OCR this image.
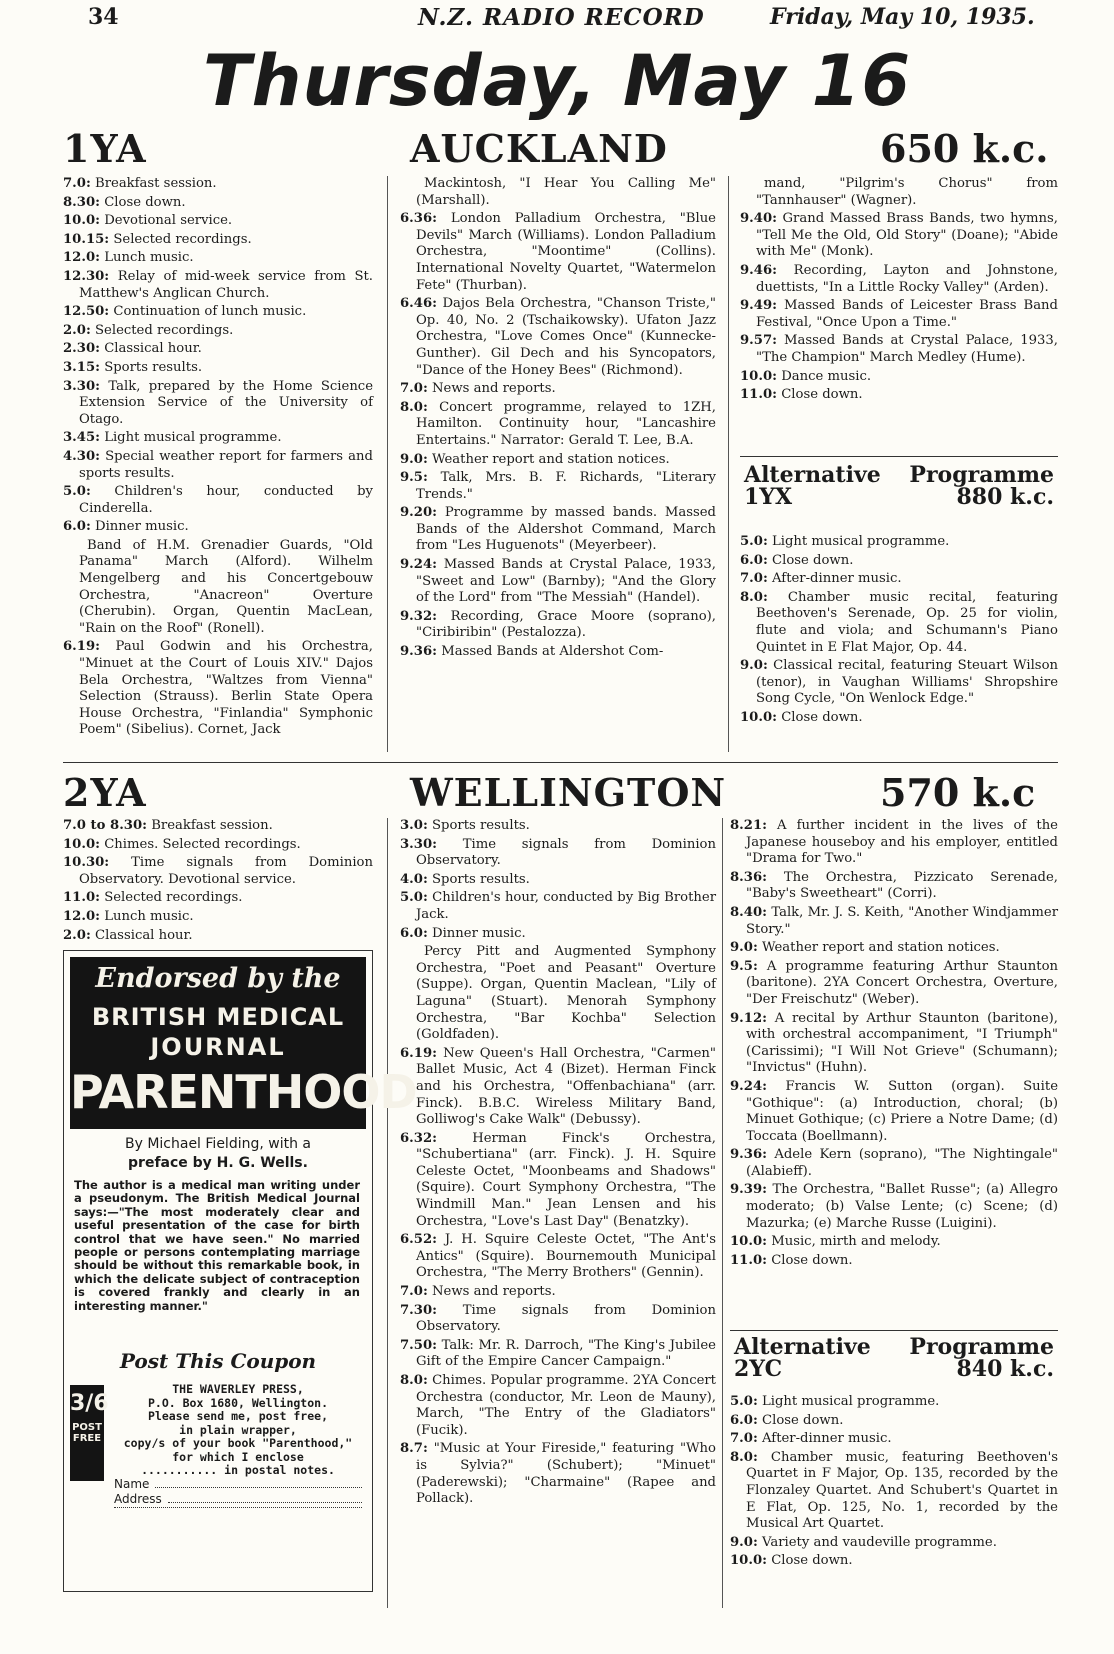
34	N.Z. RADIO RECORD	Friday, May 10, 1935.
Thursday, May 16
1YA	AUCKLAND	650 k.c.
7.0: Breakfast session.
8.30: Close down.
10.0: Devotional service.
10.15: Selected recordings.
12.0: Lunch music.
12.30: Relay of mid-week service from St. Matthew's Anglican Church.
12.50: Continuation of lunch music.
2.0: Selected recordings.
2.30: Classical hour.
3.15: Sports results.
3.30: Talk, prepared by the Home Science Extension Service of the University of Otago.
3.45: Light musical programme.
4.30: Special weather report for farmers and sports results.
5.0: Children's hour, conducted by Cinderella.
6.0: Dinner music.
Band of H.M. Grenadier Guards, "Old Panama" March (Alford). Wilhelm Mengelberg and his Concertgebouw Orchestra, "Anacreon" Overture (Cherubin). Organ, Quentin MacLean, "Rain on the Roof" (Ronell).
6.19: Paul Godwin and his Orchestra, "Minuet at the Court of Louis XIV." Dajos Bela Orchestra, "Waltzes from Vienna" Selection (Strauss). Berlin State Opera House Orchestra, "Finlandia" Symphonic Poem" (Sibelius). Cornet, Jack
Mackintosh, "I Hear You Calling Me" (Marshall).
6.36: London Palladium Orchestra, "Blue Devils" March (Williams). London Palladium Orchestra, "Moontime" (Collins). International Novelty Quartet, "Watermelon Fete" (Thurban).
6.46: Dajos Bela Orchestra, "Chanson Triste," Op. 40, No. 2 (Tschaikowsky). Ufaton Jazz Orchestra, "Love Comes Once" (Kunnecke-Gunther). Gil Dech and his Syncopators, "Dance of the Honey Bees" (Richmond).
7.0: News and reports.
8.0: Concert programme, relayed to 1ZH, Hamilton. Continuity hour, "Lancashire Entertains." Narrator: Gerald T. Lee, B.A.
9.0: Weather report and station notices.
9.5: Talk, Mrs. B. F. Richards, "Literary Trends."
9.20: Programme by massed bands. Massed Bands of the Aldershot Command, March from "Les Huguenots" (Meyerbeer).
9.24: Massed Bands at Crystal Palace, 1933, "Sweet and Low" (Barnby); "And the Glory of the Lord" from "The Messiah" (Handel).
9.32: Recording, Grace Moore (soprano), "Ciribiribin" (Pestalozza).
9.36: Massed Bands at Aldershot Com-
mand, "Pilgrim's Chorus" from "Tannhauser" (Wagner).
9.40: Grand Massed Brass Bands, two hymns, "Tell Me the Old, Old Story" (Doane); "Abide with Me" (Monk).
9.46: Recording, Layton and Johnstone, duettists, "In a Little Rocky Valley" (Arden).
9.49: Massed Bands of Leicester Brass Band Festival, "Once Upon a Time."
9.57: Massed Bands at Crystal Palace, 1933, "The Champion" March Medley (Hume).
10.0: Dance music.
11.0: Close down.
Alternative Programme
1YX	880 k.c.
5.0: Light musical programme.
6.0: Close down.
7.0: After-dinner music.
8.0: Chamber music recital, featuring Beethoven's Serenade, Op. 25 for violin, flute and viola; and Schumann's Piano Quintet in E Flat Major, Op. 44.
9.0: Classical recital, featuring Steuart Wilson (tenor), in Vaughan Williams' Shropshire Song Cycle, "On Wenlock Edge."
10.0: Close down.
2YA	WELLINGTON	570 k.c
7.0 to 8.30: Breakfast session.
10.0: Chimes. Selected recordings.
10.30: Time signals from Dominion Observatory. Devotional service.
11.0: Selected recordings.
12.0: Lunch music.
2.0: Classical hour.
3.0: Sports results.
3.30: Time signals from Dominion Observatory.
4.0: Sports results.
5.0: Children's hour, conducted by Big Brother Jack.
6.0: Dinner music.
Percy Pitt and Augmented Symphony Orchestra, "Poet and Peasant" Overture (Suppe). Organ, Quentin Maclean, "Lily of Laguna" (Stuart). Menorah Symphony Orchestra, "Bar Kochba" Selection (Goldfaden).
6.19: New Queen's Hall Orchestra, "Carmen" Ballet Music, Act 4 (Bizet). Herman Finck and his Orchestra, "Offenbachiana" (arr. Finck). B.B.C. Wireless Military Band, Golliwog's Cake Walk" (Debussy).
6.32:	Herman Finck's Orchestra, "Schubertiana" (arr. Finck). J. H. Squire Celeste Octet, "Moonbeams and Shadows" (Squire). Court Symphony Orchestra, "The Windmill Man." Jean Lensen and his Orchestra, "Love's Last Day" (Benatzky).
6.52: J. H. Squire Celeste Octet, "The Ant's Antics" (Squire). Bournemouth Municipal Orchestra, "The Merry Brothers" (Gennin).
7.0: News and reports.
7.30: Time signals from Dominion Observatory.
7.50: Talk: Mr. R. Darroch, "The King's Jubilee Gift of the Empire Cancer Campaign."
8.0: Chimes. Popular programme. 2YA Concert Orchestra (conductor, Mr. Leon de Mauny), March, "The Entry of the Gladiators" (Fucik).
8.7: "Music at Your Fireside," featuring "Who is Sylvia?" (Schubert); "Minuet" (Paderewski); "Charmaine" (Rapee and Pollack).
8.21: A further incident in the lives of the Japanese houseboy and his employer, entitled "Drama for Two."
8.36: The Orchestra, Pizzicato Serenade, "Baby's Sweetheart" (Corri).
8.40: Talk, Mr. J. S. Keith, "Another Windjammer Story."
9.0: Weather report and station notices.
9.5: A programme featuring Arthur Staunton (baritone). 2YA Concert Orchestra, Overture, "Der Freischutz" (Weber).
9.12: A recital by Arthur Staunton (baritone), with orchestral accompaniment, "I Triumph" (Carissimi); "I Will Not Grieve" (Schumann); "Invictus" (Huhn).
9.24: Francis W. Sutton (organ). Suite "Gothique": (a) Introduction, choral; (b) Minuet Gothique; (c) Priere a Notre Dame; (d) Toccata (Boellmann).
9.36: Adele Kern (soprano), "The Nightingale" (Alabieff).
9.39: The Orchestra, "Ballet Russe"; (a) Allegro moderato; (b) Valse Lente; (c) Scene; (d) Mazurka; (e) Marche Russe (Luigini).
10.0: Music, mirth and melody.
11.0: Close down.
Alternative Programme
2YC	840 k.c.
5.0: Light musical programme.
6.0: Close down.
7.0: After-dinner music.
8.0: Chamber music, featuring Beethoven's Quartet in F Major, Op. 135, recorded by the Flonzaley Quartet. And Schubert's Quartet in E Flat, Op. 125, No. 1, recorded by the Musical Art Quartet.
9.0: Variety and vaudeville programme.
10.0: Close down.
Endorsed by the
BRITISH MEDICAL
JOURNAL
PARENTHOOD
By Michael Fielding, with a
preface by H. G. Wells.
The author is a medical man writing under a pseudonym. The British Medical Journal says:—"The most moderately clear and useful presentation of the case for birth control that we have seen." No married people or persons contemplating marriage should be without this remarkable book, in which the delicate subject of contraception is covered frankly and clearly in an interesting manner."
Post This Coupon
3/6
POST FREE
THE WAVERLEY PRESS,
P.O. Box 1680, Wellington.
Please send me, post free,
in plain wrapper,
copy/s of your book "Parenthood," for which I enclose
........... in postal notes.
Name
Address
